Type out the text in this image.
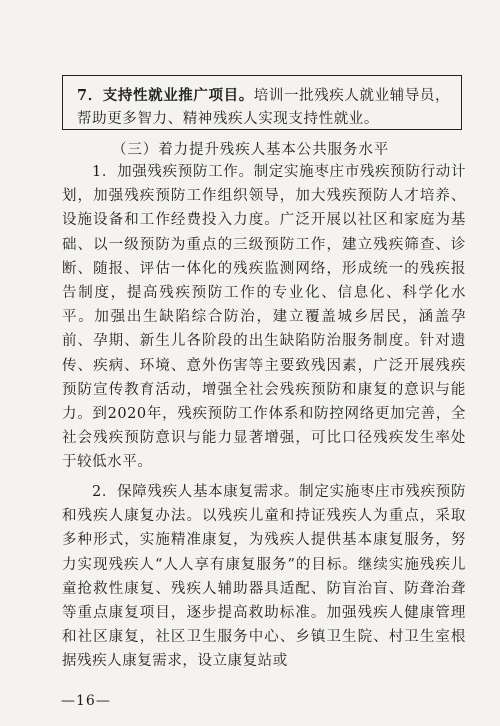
7．支持性就业推广项目。培训一批残疾人就业辅导员，帮助更多智力、精神残疾人实现支持性就业。

（三）着力提升残疾人基本公共服务水平

1．加强残疾预防工作。制定实施枣庄市残疾预防行动计划，加强残疾预防工作组织领导，加大残疾预防人才培养、设施设备和工作经费投入力度。广泛开展以社区和家庭为基础、以一级预防为重点的三级预防工作，建立残疾筛查、诊断、随报、评估一体化的残疾监测网络，形成统一的残疾报告制度，提高残疾预防工作的专业化、信息化、科学化水平。加强出生缺陷综合防治，建立覆盖城乡居民，涵盖孕前、孕期、新生儿各阶段的出生缺陷防治服务制度。针对遗传、疾病、环境、意外伤害等主要致残因素，广泛开展残疾预防宣传教育活动，增强全社会残疾预防和康复的意识与能力。到2020年，残疾预防工作体系和防控网络更加完善，全社会残疾预防意识与能力显著增强，可比口径残疾发生率处于较低水平。

2．保障残疾人基本康复需求。制定实施枣庄市残疾预防和残疾人康复办法。以残疾儿童和持证残疾人为重点，采取多种形式，实施精准康复，为残疾人提供基本康复服务，努力实现残疾人“人人享有康复服务”的目标。继续实施残疾儿童抢救性康复、残疾人辅助器具适配、防盲治盲、防聋治聋等重点康复项目，逐步提高救助标准。加强残疾人健康管理和社区康复，社区卫生服务中心、乡镇卫生院、村卫生室根据残疾人康复需求，设立康复站或

—16—
